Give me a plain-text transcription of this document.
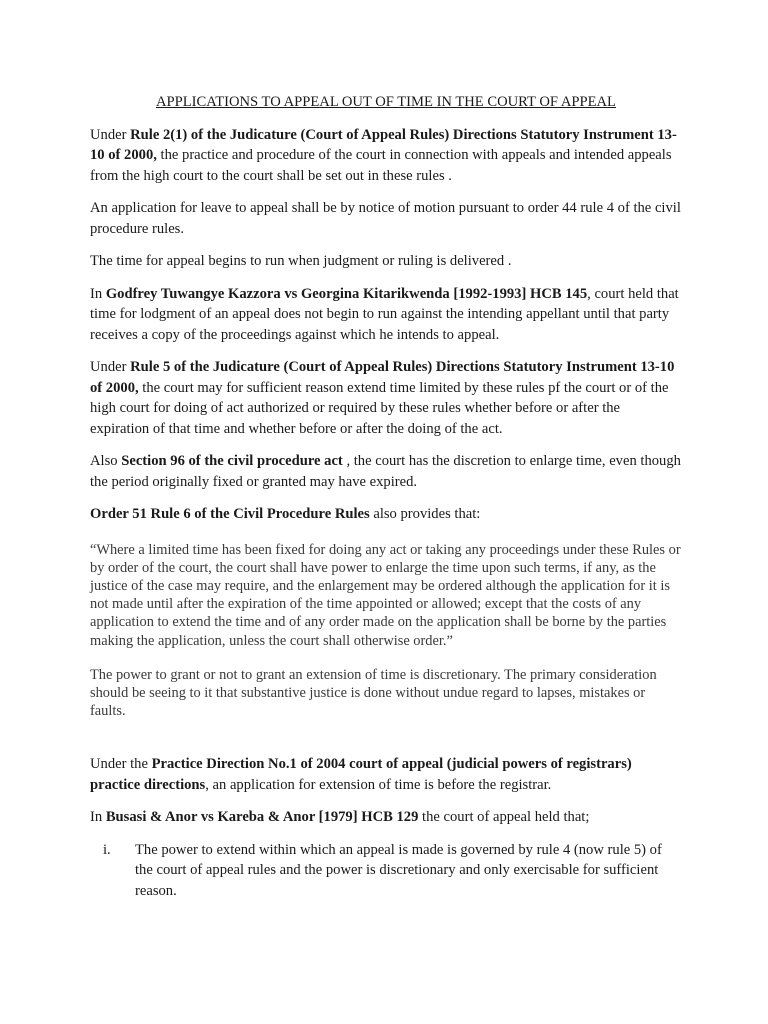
APPLICATIONS TO APPEAL OUT OF TIME IN THE COURT OF APPEAL

Under Rule 2(1) of the Judicature (Court of Appeal Rules) Directions Statutory Instrument 13-10 of 2000, the practice and procedure of the court in connection with appeals and intended appeals from the high court to the court shall be set out in these rules .

An application for leave to appeal shall be by notice of motion pursuant to order 44 rule 4 of the civil procedure rules.

The time for appeal begins to run when judgment or ruling is delivered .

In Godfrey Tuwangye Kazzora vs Georgina Kitarikwenda [1992-1993] HCB 145, court held that time for lodgment of an appeal does not begin to run against the intending appellant until that party receives a copy of the proceedings against which he intends to appeal.

Under Rule 5 of the Judicature (Court of Appeal Rules) Directions Statutory Instrument 13-10 of 2000, the court may for sufficient reason extend time limited by these rules pf the court or of the high court for doing of act authorized or required by these rules whether before or after the expiration of that time and whether before or after the doing of the act.

Also Section 96 of the civil procedure act , the court has the discretion to enlarge time, even though the period originally fixed or granted may have expired.

Order 51 Rule 6 of the Civil Procedure Rules also provides that:

“Where a limited time has been fixed for doing any act or taking any proceedings under these Rules or by order of the court, the court shall have power to enlarge the time upon such terms, if any, as the justice of the case may require, and the enlargement may be ordered although the application for it is not made until after the expiration of the time appointed or allowed; except that the costs of any application to extend the time and of any order made on the application shall be borne by the parties making the application, unless the court shall otherwise order.”

The power to grant or not to grant an extension of time is discretionary. The primary consideration should be seeing to it that substantive justice is done without undue regard to lapses, mistakes or faults.

Under the Practice Direction No.1 of 2004 court of appeal (judicial powers of registrars) practice directions, an application for extension of time is before the registrar.

In Busasi & Anor vs Kareba & Anor [1979] HCB 129 the court of appeal held that;

i. The power to extend within which an appeal is made is governed by rule 4 (now rule 5) of the court of appeal rules and the power is discretionary and only exercisable for sufficient reason.
